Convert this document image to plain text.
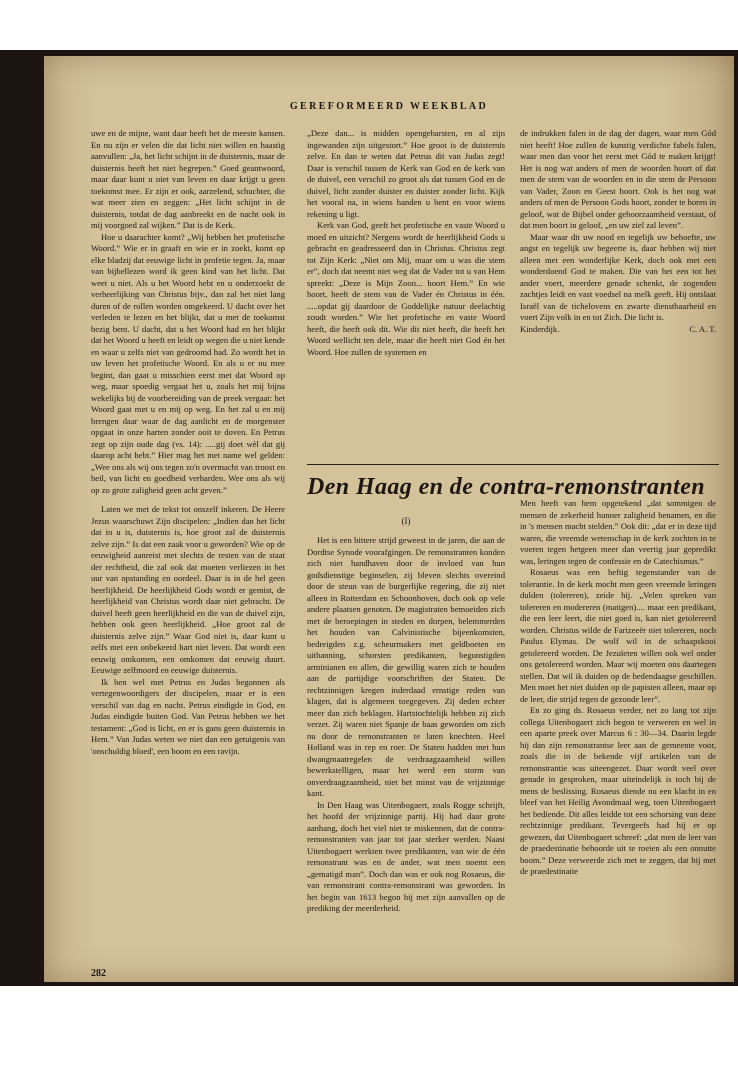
GEREFORMEERD WEEKBLAD

uwe en de mijne, want daar heeft het de meeste kansen. En nu zijn er velen die dat licht niet willen en haastig aanvullen: „Ja, het licht schijnt in de duisternis, maar de duisternis heeft het niet begrepen.” Goed geantwoord, maar daar kunt u niet van leven en daar krijgt u geen toekomst mee. Er zijn er ook, aarzelend, schuchter, die wat meer zien en zeggen: „Het licht schijnt in de duisternis, totdat de dag aanbreekt en de nacht ook in mij voorgoed zal wijken.” Dat is de Kerk.

Hoe u daarachter komt? „Wij hebben het profetische Woord.” Wie er in graaft en wie er in zoekt, komt op elke bladzij dat eeuwige licht in profetie tegen. Ja, maar van bijbellezen word ik geen kind van het licht. Dat weet u niet. Als u het Woord hebt en u onderzoekt de verheerlijking van Christus bijv., dan zal het niet lang duren of de rollen worden omgekeerd. U dacht over het verleden te lezen en het blijkt, dat u met de toekomst bezig bent. U dacht, dat u het Woord had en het blijkt dat het Woord u heeft en leidt op wegen die u niet kende en waar u zelfs niet van gedroomd had. Zo wordt het in uw leven het profetische Woord. En als u er nu mee begint, dan gaat u misschien eerst met dat Woord op weg, maar spoedig vergaat het u, zoals het mij bijna wekelijks bij de voorbereiding van de preek vergaat: het Woord gaat met u en mij op weg. En het zal u en mij brengen daar waar de dag aanlicht en de morgenster opgaat in onze harten zonder ooit te doven. En Petrus zegt op zijn oude dag (vs. 14): .....gij doet wèl dat gij daarop acht hebt.” Hier mag het met name wel gelden: „Wee ons als wij ons tegen zo'n overmacht van troost en heil, van licht en goedheid verharden. Wee ons als wij op zo grote zaligheid geen acht geven.”

Laten we met de tekst tot onszelf inkeren. De Heere Jezus waarschuwt Zijn discipelen: „Indien dan het licht dat in u is, duisternis is, hoe groot zal de duisternis zelve zijn.” Is dat een zaak voor u geworden? Wie op de eeuwigheid aanreist met slechts de resten van de staat der rechtheid, die zal ook dat moeten verliezen in het uur van opstanding en oordeel. Daar is in de hel geen heerlijkheid. De heerlijkheid Gods wordt er gemist, de heerlijkheid van Christus wordt daar niet gebracht. De duivel heeft geen heerlijkheid en die van de duivel zijn, hebben ook geen heerlijkheid. „Hoe groot zal de duisternis zelve zijn.” Waar God niet is, daar kunt u zelfs met een onbekeerd hart niet leven. Dat wordt een eeuwig omkomen, een omkomen dat eeuwig duurt. Eeuwige zelfmoord en eeuwige duisternis.

Ik ben wel met Petrus en Judas begonnen als vertegenwoordigers der discipelen, maar er is een verschil van dag en nacht. Petrus eindigde in God, en Judas eindigde buiten God. Van Petrus hebben we het testament: „God is licht, en er is gans geen duisternis in Hem.” Van Judas weten we niet dan een getuigenis van 'onschuldig bloed', een boom en een ravijn.

„Deze dan... is midden opengebarsten, en al zijn ingewanden zijn uitgestort.” Hoe groot is de duisternis zelve. En dan te weten dat Petrus dit van Judas zegt! Daar is verschil tussen de Kerk van God en de kerk van de duivel, een verschil zo groot als dat tussen God en de duivel, licht zonder duister en duister zonder licht. Kijk het vooral na, in wiens handen u bent en voor wiens rekening u ligt.

Kerk van God, geeft het profetische en vaste Woord u moed en uitzicht? Nergens wordt de heerlijkheid Gods u gebracht en geadresseerd dan in Christus. Christus zegt tot Zijn Kerk: „Niet om Mij, maar om u was die stem er”, doch dat neemt niet weg dat de Vader tot u van Hem spreekt: „Deze is Mijn Zoon... hoort Hem.” En wie hoort, heeft de stem van de Vader én Christus in één. .....opdat gij daardoor de Goddelijke natuur deelachtig zoudt worden.” Wie het profetische en vaste Woord heeft, die heeft ook dit. Wie dit niet heeft, die heeft het Woord wellicht ten dele, maar die heeft niet God én het Woord. Hoe zullen de systemen en

de indrukken falen in de dag der dagen, waar men Gód niet heeft! Hoe zullen de kunstig verdichte fabels falen, waar men dan voor het eerst met Gód te maken krijgt! Het is nog wat anders of men de woorden hoort of dat men de stem van de woorden en in die stem de Persoon van Vader, Zoon en Geest hoort. Ook is het nog wat anders of men de Persoon Gods hoort, zonder te horen in geloof, wat de Bijbel onder gehoorzaamheid verstaat, of dat men hoort in geloof, „en uw ziel zal leven”.

Maar waar dit uw nood en tegelijk uw behoefte, uw angst en tegelijk uw begeerte is, daar hebben wij niet alleen met een wonderlijke Kerk, doch ook met een wonderdoend God te maken. Die van het een tot het ander voert, meerdere genade schenkt, de zogenden zachtjes leidt en vast voedsel na melk geeft. Hij ontslaat Israël van de tichelovens en zwarte dienstbaarheid en voert Zijn volk in en tot Zich. Die licht is.

Kinderdijk.	C. A. T.
Den Haag en de contra-remonstranten
(I)

Het is een bittere strijd geweest in de jaren, die aan de Dordtse Synode voorafgingen. De remonstranten konden zich niet handhaven door de invloed van hun godsdienstige beginselen, zij bleven slechts overeind door de steun van de burgerlijke regering, die zij niet alleen in Rotterdam en Schoonhoven, doch ook op vele andere plaatsen genoten. De magistraten bemoeiden zich met de beroepingen in steden en dorpen, belemmerden het houden van Calvinistische bijeenkomsten, bedreigden z.g. scheurmakers met geldboeten en uitbanning, schorsten predikanten, begunstigden arminianen en allen, die gewillig waren zich te houden aan de partijdige voorschriften der Staten. De rechtzinnigen kregen inderdaad ernstige reden van klagen, dat is algemeen toegegeven. Zij deden echter meer dan zich beklagen. Hartstochtelijk hebben zij zich verzet. Zij waren niet Spanje de baas geworden om zich nu door de remonstranten te laten knechten. Heel Holland was in rep en roer. De Staten hadden met hun dwangmaatregelen de verdraagzaamheid willen bewerkstelligen, maar het werd een storm van onverdraagzaamheid, niet het minst van de vrijzinnige kant.

In Den Haag was Uitenbogaert, zoals Rogge schrijft, het hoofd der vrijzinnige partij. Hij had daar grote aanhang, doch het viel niet te miskennen, dat de contra-remonstranten van jaar tot jaar sterker werden. Naast Uitenbogaert werkten twee predikanten, van wie de één remonstrant was en de ander, wat men noemt een „gematigd man”. Doch dan was er ook nog Rosaeus, die van remonstrant contra-remonstrant was geworden. In het begin van 1613 begon hij met zijn aanvallen op de prediking der meerderheid.

Men heeft van hem opgetekend „dat sommigen de mensen de zekerheid hunner zaligheid benamen, en die in 's mensen macht stelden.” Ook dit: „dat er in deze tijd waren, die vreemde wetenschap in de kerk zochten in te voeren tegen hetgeen meer dan veertig jaar gepredikt was, leringen tegen de confessie en de Catechismus.”

Rosaeus was een heftig tegenstander van de tolerantie. In de kerk mocht men geen vreemde leringen dulden (tolereren), zeide hij. „Velen spreken van tolereren en modereren (matigen).... maar een predikant, die een leer leert, die niet goed is, kan niet getolereerd worden. Christus wilde de Farizeeër niet tolereren, noch Paulus Elymas. De wolf wil in de schaapskooi getolereerd worden. De Jezuïeten willen ook wel onder ons getolereerd worden. Maar wij moeten ons daartegen stellen. Dat wil ik duiden op de hedendaagse geschillen. Men moet het niet duiden op de papisten alleen, maar op de leer, die strijd tegen de gezonde leer”.

En zo ging ds. Rosaeus verder, net zo lang tot zijn collega Uitenbogaert zich begon te verweren en wel in een aparte preek over Marcus 6 : 30—34. Daarin legde hij dan zijn remonstrantse leer aan de gemeente voor, zoals die in de bekende vijf artikelen van de remonstrantie was uiteengezet. Daar wordt veel over genade in gesproken, maar uiteindelijk is toch bij de mens de beslissing. Rosaeus diende nu een klacht in en bleef van het Heilig Avondmaal weg, toen Uitenbogaert het bediende. Dit alles leidde tot een schorsing van deze rechtzinnige predikant. Tevergeefs had hij er op gewezen, dat Uitenbogaert schreef: „dat men de leer van de praedestinatie behoorde uit te roeien als een onnutte boom.” Deze verweerde zich met te zeggen, dat hij met de praedestinatie

282
